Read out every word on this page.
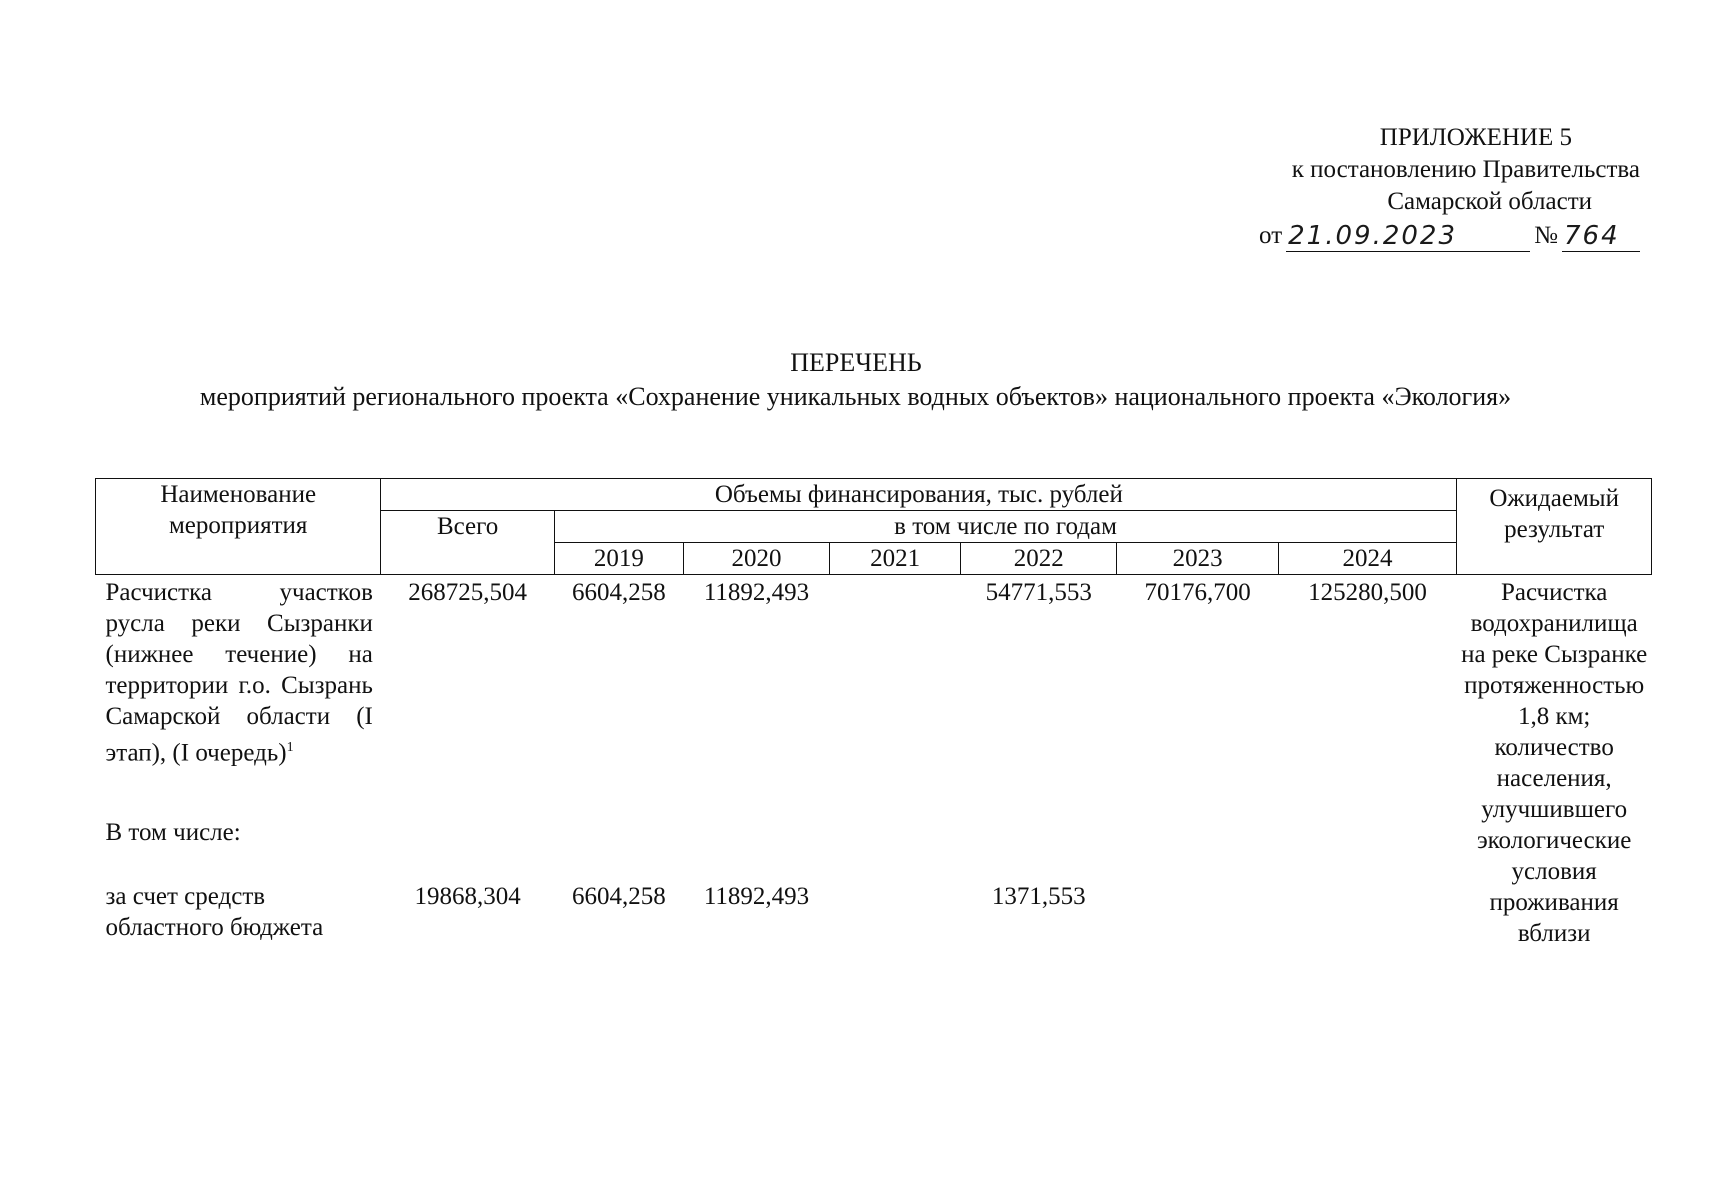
ПРИЛОЖЕНИЕ 5
к постановлению Правительства
Самарской области
от 21.09.2023	№ 764
ПЕРЕЧЕНЬ

мероприятий регионального проекта «Сохранение уникальных водных объектов» национального проекта «Экология»
Наименование мероприятия	Объемы финансирования, тыс. рублей							Ожидаемый результат
	Всего	в том числе по годам						
		2019	2020	2021	2022	2023	2024	
Расчистка участков русла реки Сызранки (нижнее течение) на территории г.о. Сызрань Самарской области (I этап), (I очередь)$^1$	268725,504	6604,258	11892,493		54771,553	70176,700	125280,500	Расчистка водохранилища на реке Сызранке протяженностью 1,8 км; количество населения, улучшившего экологические условия проживания вблизи

В том числе:								

за счет средств областного бюджета	19868,304	6604,258	11892,493		1371,553			
